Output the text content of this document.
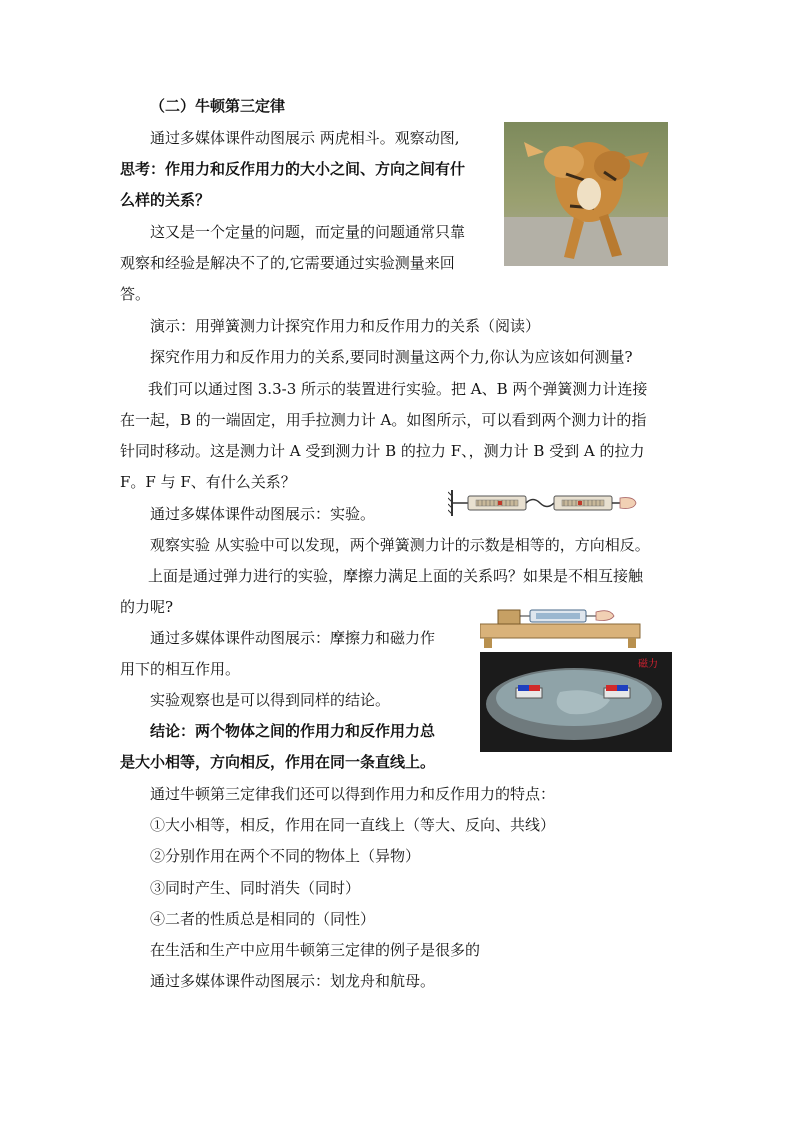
（二）牛顿第三定律
通过多媒体课件动图展示 两虎相斗。观察动图,
思考：作用力和反作用力的大小之间、方向之间有什
么样的关系？
这又是一个定量的问题，而定量的问题通常只靠
观察和经验是解决不了的,它需要通过实验测量来回
答。
演示：用弹簧测力计探究作用力和反作用力的关系（阅读）
探究作用力和反作用力的关系,要同时测量这两个力,你认为应该如何测量?
我们可以通过图 3.3-3 所示的装置进行实验。把 A、B 两个弹簧测力计连接
在一起，B 的一端固定，用手拉测力计 A。如图所示，可以看到两个测力计的指
针同时移动。这是测力计 A 受到测力计 B 的拉力 F、，测力计 B 受到 A 的拉力
F。F 与 F、有什么关系？
通过多媒体课件动图展示：实验。
观察实验 从实验中可以发现，两个弹簧测力计的示数是相等的，方向相反。
上面是通过弹力进行的实验，摩擦力满足上面的关系吗？如果是不相互接触
的力呢?
通过多媒体课件动图展示：摩擦力和磁力作
用下的相互作用。	磁力
实验观察也是可以得到同样的结论。
结论：两个物体之间的作用力和反作用力总
是大小相等，方向相反，作用在同一条直线上。
通过牛顿第三定律我们还可以得到作用力和反作用力的特点：
①大小相等，相反，作用在同一直线上（等大、反向、共线）
②分别作用在两个不同的物体上（异物）
③同时产生、同时消失（同时）
④二者的性质总是相同的（同性）
在生活和生产中应用牛顿第三定律的例子是很多的
通过多媒体课件动图展示：划龙舟和航母。
